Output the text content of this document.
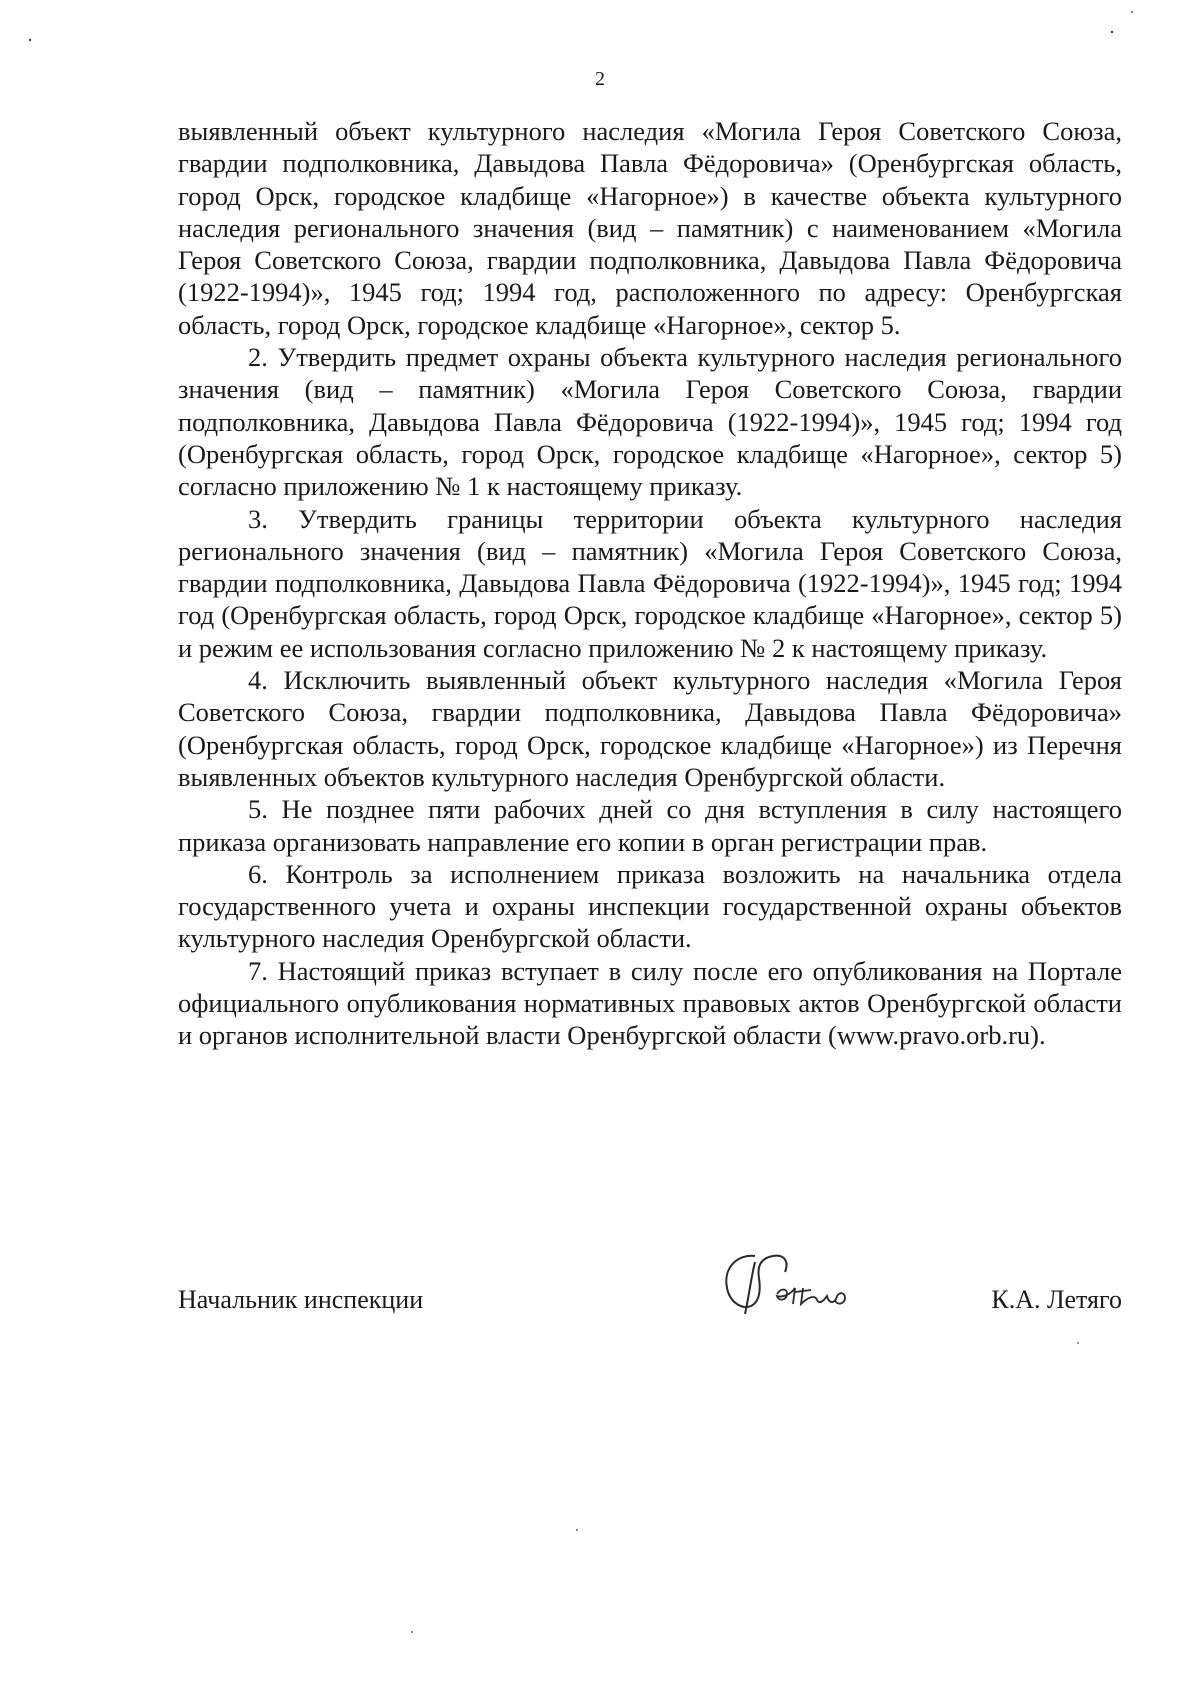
2

выявленный объект культурного наследия «Могила Героя Советского Союза, гвардии подполковника, Давыдова Павла Фёдоровича» (Оренбургская область, город Орск, городское кладбище «Нагорное») в качестве объекта культурного наследия регионального значения (вид – памятник) с наименованием «Могила Героя Советского Союза, гвардии подполковника, Давыдова Павла Фёдоровича (1922-1994)», 1945 год; 1994 год, расположенного по адресу: Оренбургская область, город Орск, городское кладбище «Нагорное», сектор 5.

2. Утвердить предмет охраны объекта культурного наследия регионального значения (вид – памятник) «Могила Героя Советского Союза, гвардии подполковника, Давыдова Павла Фёдоровича (1922-1994)», 1945 год; 1994 год (Оренбургская область, город Орск, городское кладбище «Нагорное», сектор 5) согласно приложению № 1 к настоящему приказу.

3. Утвердить границы территории объекта культурного наследия регионального значения (вид – памятник) «Могила Героя Советского Союза, гвардии подполковника, Давыдова Павла Фёдоровича (1922-1994)», 1945 год; 1994 год (Оренбургская область, город Орск, городское кладбище «Нагорное», сектор 5) и режим ее использования согласно приложению № 2 к настоящему приказу.

4. Исключить выявленный объект культурного наследия «Могила Героя Советского Союза, гвардии подполковника, Давыдова Павла Фёдоровича» (Оренбургская область, город Орск, городское кладбище «Нагорное») из Перечня выявленных объектов культурного наследия Оренбургской области.

5. Не позднее пяти рабочих дней со дня вступления в силу настоящего приказа организовать направление его копии в орган регистрации прав.

6. Контроль за исполнением приказа возложить на начальника отдела государственного учета и охраны инспекции государственной охраны объектов культурного наследия Оренбургской области.

7. Настоящий приказ вступает в силу после его опубликования на Портале официального опубликования нормативных правовых актов Оренбургской области и органов исполнительной власти Оренбургской области (www.pravo.orb.ru).

Начальник инспекции	К.А. Летяго
